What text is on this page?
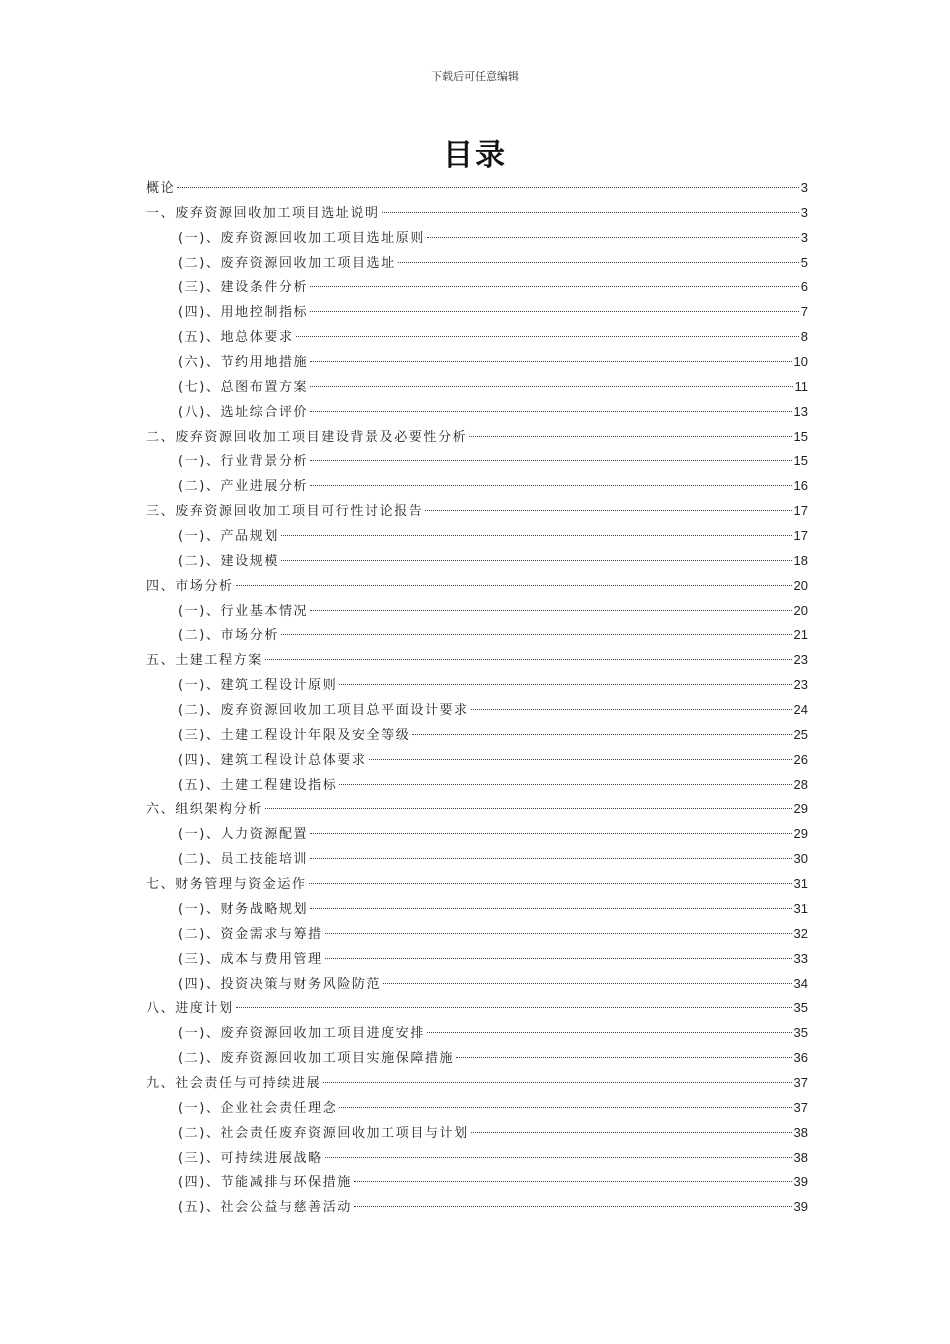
下载后可任意编辑
目录
概论	3
一、废弃资源回收加工项目选址说明	3
(一)、废弃资源回收加工项目选址原则	3
(二)、废弃资源回收加工项目选址	5
(三)、建设条件分析	6
(四)、用地控制指标	7
(五)、地总体要求	8
(六)、节约用地措施	10
(七)、总图布置方案	11
(八)、选址综合评价	13
二、废弃资源回收加工项目建设背景及必要性分析	15
(一)、行业背景分析	15
(二)、产业进展分析	16
三、废弃资源回收加工项目可行性讨论报告	17
(一)、产品规划	17
(二)、建设规模	18
四、市场分析	20
(一)、行业基本情况	20
(二)、市场分析	21
五、土建工程方案	23
(一)、建筑工程设计原则	23
(二)、废弃资源回收加工项目总平面设计要求	24
(三)、土建工程设计年限及安全等级	25
(四)、建筑工程设计总体要求	26
(五)、土建工程建设指标	28
六、组织架构分析	29
(一)、人力资源配置	29
(二)、员工技能培训	30
七、财务管理与资金运作	31
(一)、财务战略规划	31
(二)、资金需求与筹措	32
(三)、成本与费用管理	33
(四)、投资决策与财务风险防范	34
八、进度计划	35
(一)、废弃资源回收加工项目进度安排	35
(二)、废弃资源回收加工项目实施保障措施	36
九、社会责任与可持续进展	37
(一)、企业社会责任理念	37
(二)、社会责任废弃资源回收加工项目与计划	38
(三)、可持续进展战略	38
(四)、节能减排与环保措施	39
(五)、社会公益与慈善活动	39
